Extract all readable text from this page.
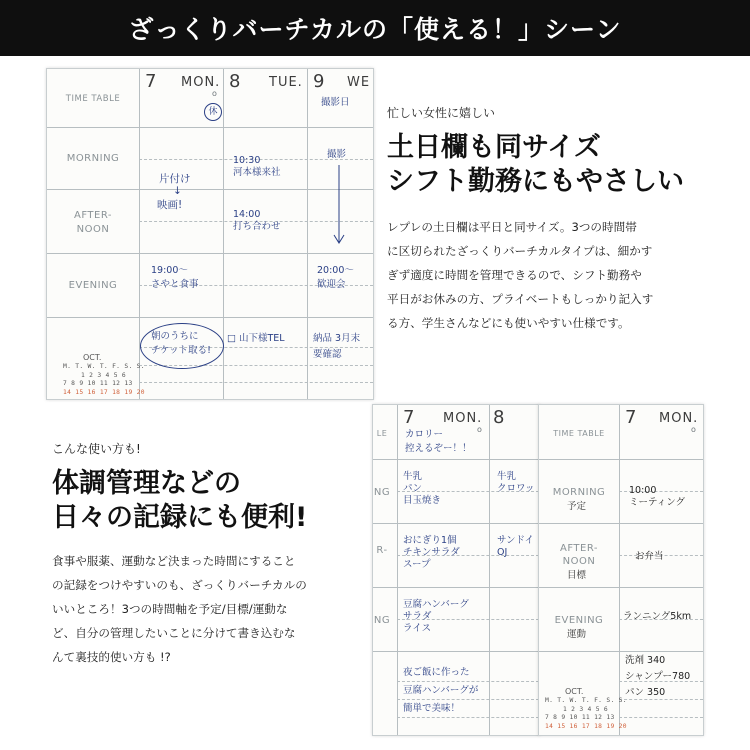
ざっくりバーチカルの「使える！」シーン
TIME TABLE
MORNING
AFTER-
NOON
EVENING
OCT.
M. T. W. T. F. S. S.
1 2 3 4 5 6
7 8 9 10 11 12 13
14 15 16 17 18 19 20
7 MON.
o
休
8 TUE. 9 WE
片付け
↓
映画!
19:00〜
さやと食事
朝のうちに
チケット取る!
10:30
河本様来社
14:00
打ち合わせ
□ 山下様TEL
撮影日
撮影
20:00〜
歓迎会
納品 3月末
要確認
忙しい女性に嬉しい
土日欄も同サイズ
シフト勤務にもやさしい
レプレの土日欄は平日と同サイズ。3つの時間帯
に区切られたざっくりバーチカルタイプは、細かす
ぎず適度に時間を管理できるので、シフト勤務や
平日がお休みの方、プライベートもしっかり記入す
る方、学生さんなどにも使いやすい仕様です。
こんな使い方も!
体調管理などの
日々の記録にも便利!
食事や服薬、運動など決まった時間にすること
の記録をつけやすいのも、ざっくりバーチカルの
いいところ！3つの時間軸を予定/目標/運動な
ど、自分の管理したいことに分けて書き込むな
んて裏技的使い方も !?
LE
NG
R-
NG
7 MON.
o
8
カロリー
控えるぞー！！
牛乳
パン
目玉焼き
牛乳
クロワッ
おにぎり1個
チキンサラダ
スープ
サンドイ
OJ
豆腐ハンバーグ
サラダ
ライス
夜ご飯に作った
豆腐ハンバーグが
簡単で美味！
TIME TABLE
MORNING
予定
AFTER-
NOON
目標
EVENING
運動
OCT.
M. T. W. T. F. S. S.
1 2 3 4 5 6
7 8 9 10 11 12 13
14 15 16 17 18 19 20
7 MON.
o
10:00
ミーティング
お弁当
ランニング5km
洗剤 340
シャンプー780
パン 350
